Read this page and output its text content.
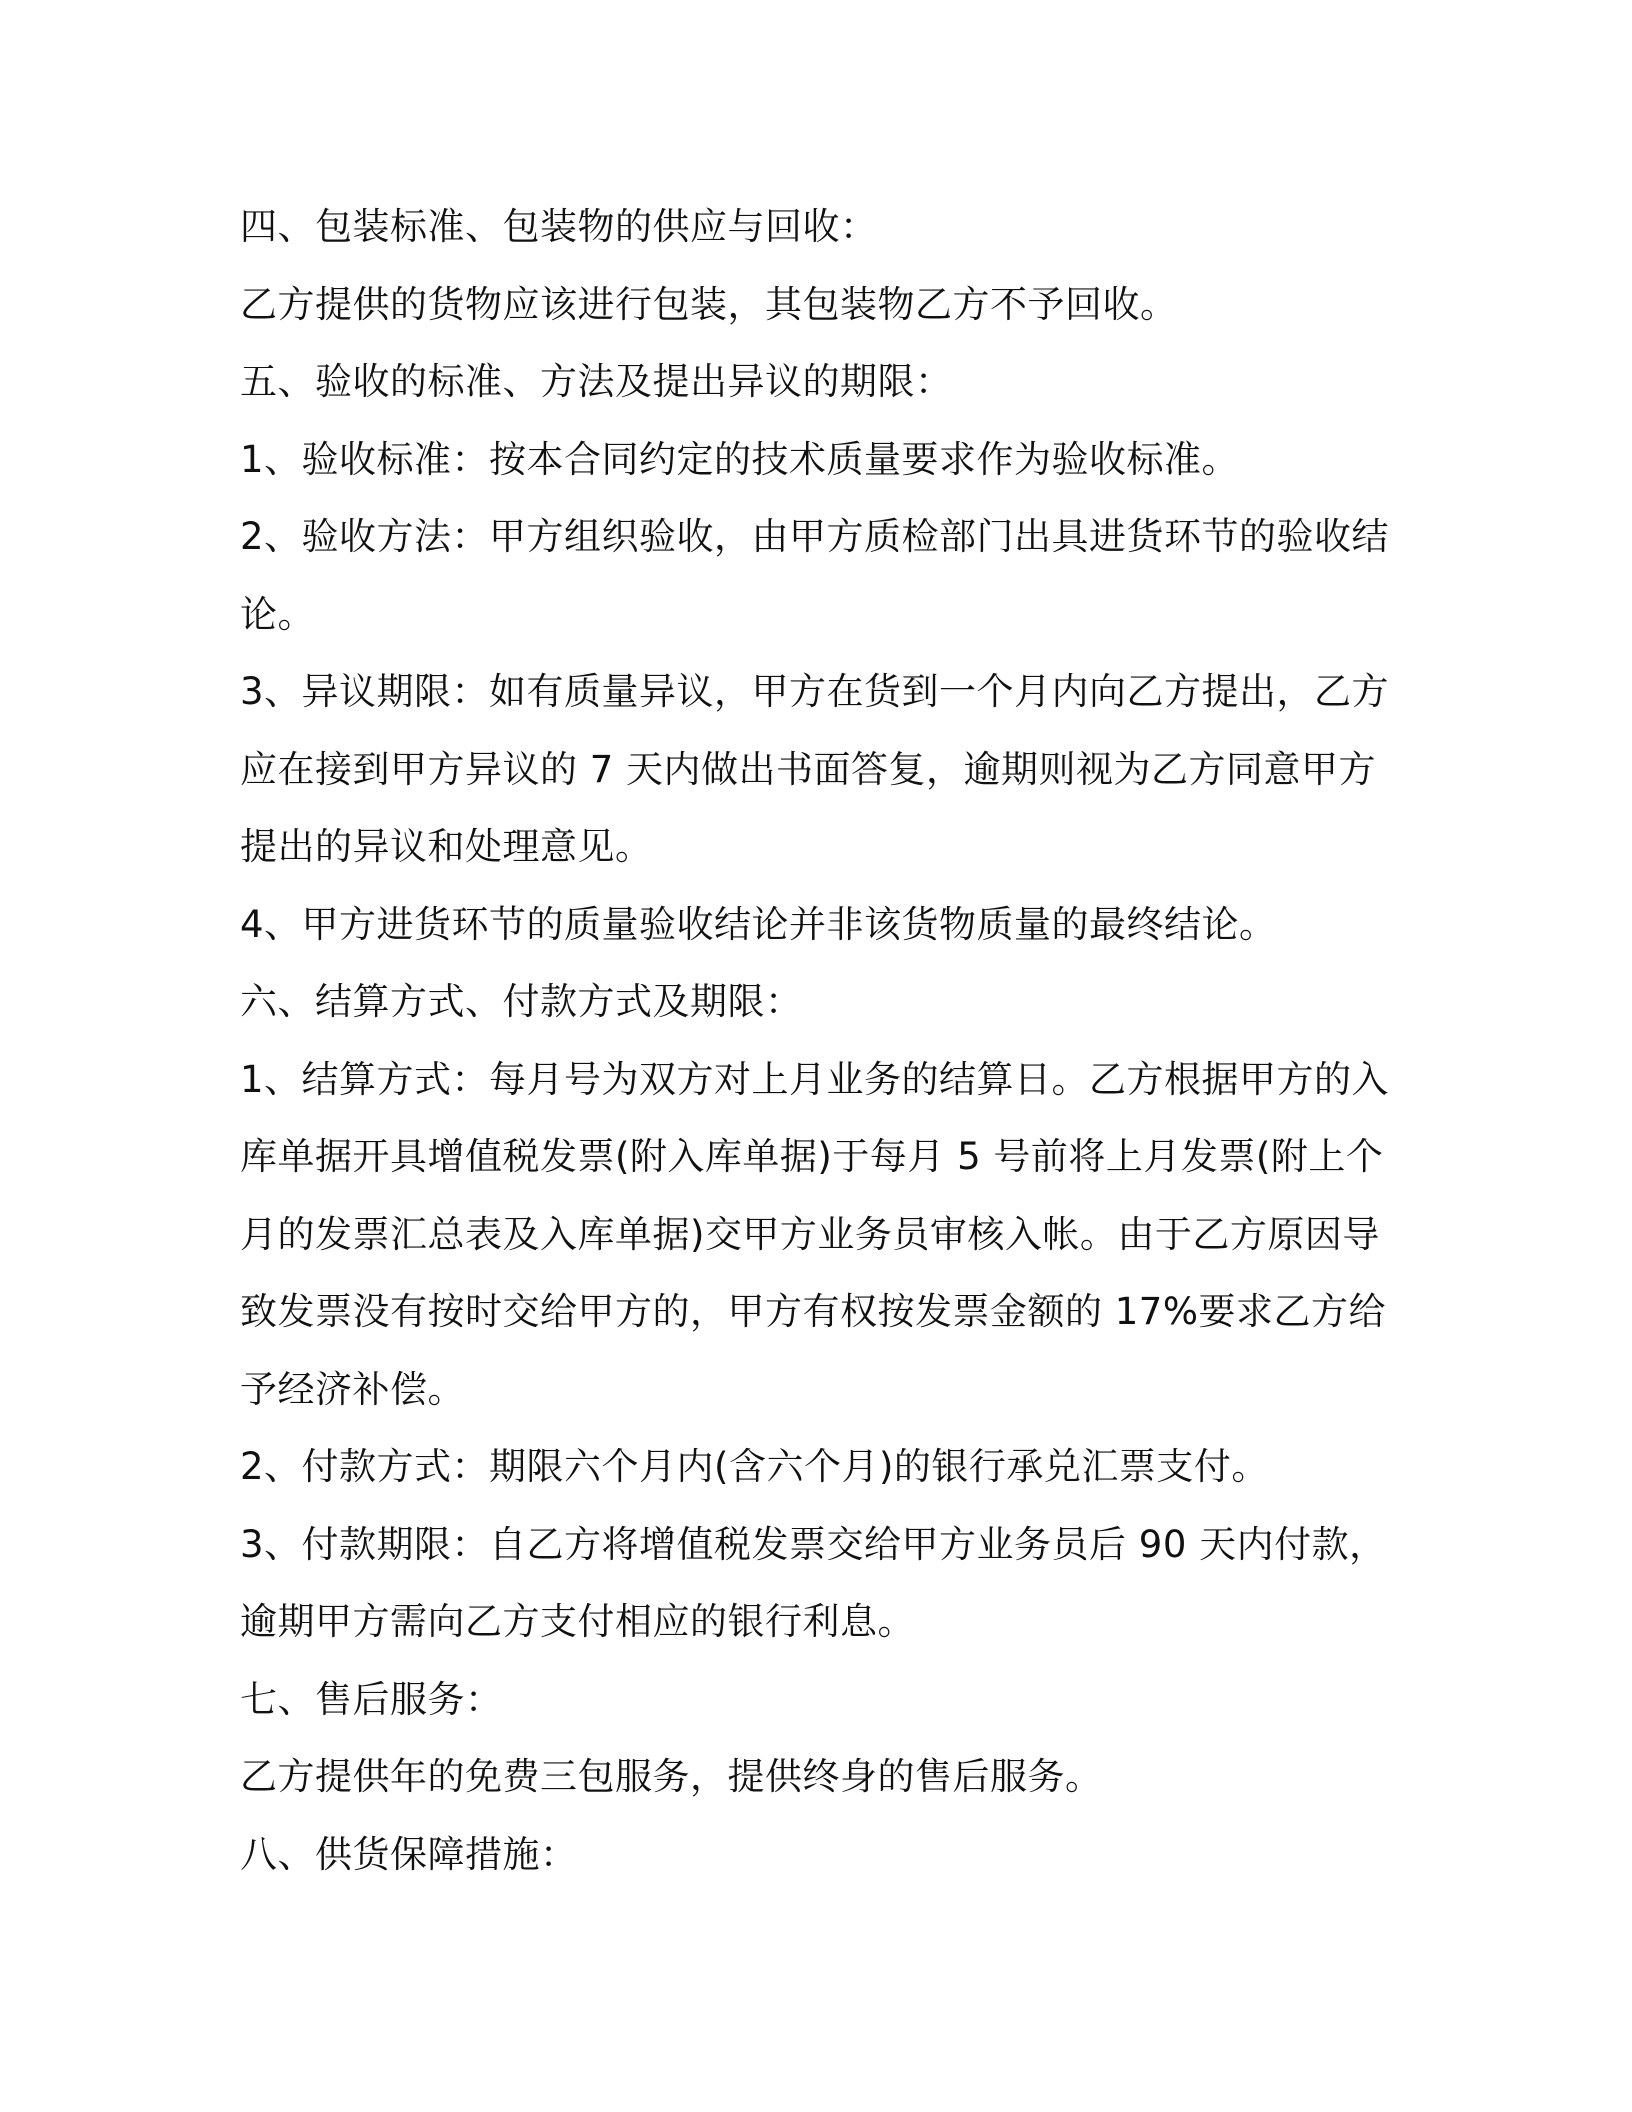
四、包装标准、包装物的供应与回收：

乙方提供的货物应该进行包装，其包装物乙方不予回收。

五、验收的标准、方法及提出异议的期限：

1、验收标准：按本合同约定的技术质量要求作为验收标准。

2、验收方法：甲方组织验收，由甲方质检部门出具进货环节的验收结论。

3、异议期限：如有质量异议，甲方在货到一个月内向乙方提出，乙方应在接到甲方异议的 7 天内做出书面答复，逾期则视为乙方同意甲方提出的异议和处理意见。

4、甲方进货环节的质量验收结论并非该货物质量的最终结论。

六、结算方式、付款方式及期限：

1、结算方式：每月号为双方对上月业务的结算日。乙方根据甲方的入库单据开具增值税发票(附入库单据)于每月 5 号前将上月发票(附上个月的发票汇总表及入库单据)交甲方业务员审核入帐。由于乙方原因导致发票没有按时交给甲方的，甲方有权按发票金额的 17%要求乙方给予经济补偿。

2、付款方式：期限六个月内(含六个月)的银行承兑汇票支付。

3、付款期限：自乙方将增值税发票交给甲方业务员后 90 天内付款，逾期甲方需向乙方支付相应的银行利息。

七、售后服务：

乙方提供年的免费三包服务，提供终身的售后服务。

八、供货保障措施：
